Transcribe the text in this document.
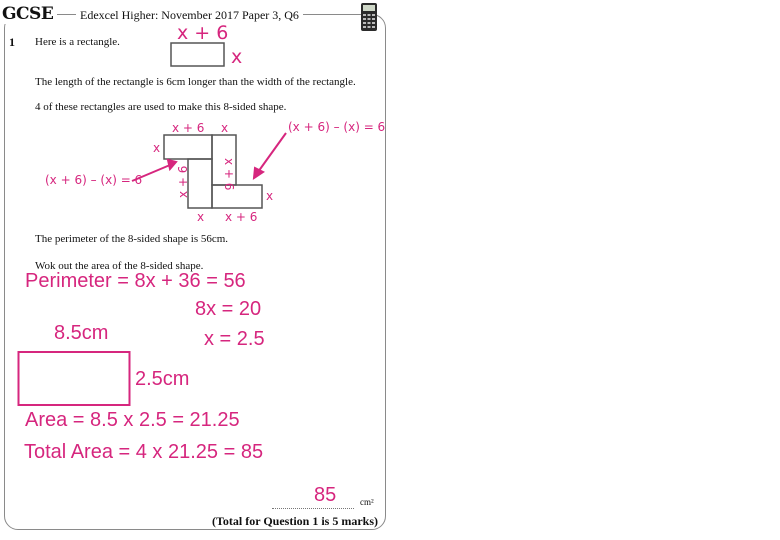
GCSE	Edexcel Higher: November 2017 Paper 3, Q6
1 Here is a rectangle.	x + 6
x
The length of the rectangle is 6cm longer than the width of the rectangle.
4 of these rectangles are used to make this 8-sided shape.
x + 6 x
x
x + 6
x + 6
x x + 6
x
(x + 6) – (x) = 6
(x + 6) – (x) = 6
The perimeter of the 8-sided shape is 56cm.
Wok out the area of the 8-sided shape.
Perimeter = 8x + 36 = 56
8x = 20
8.5cm	x = 2.5
2.5cm
Area = 8.5 x 2.5 = 21.25
Total Area = 4 x 21.25 = 85
85	cm²
(Total for Question 1 is 5 marks)
